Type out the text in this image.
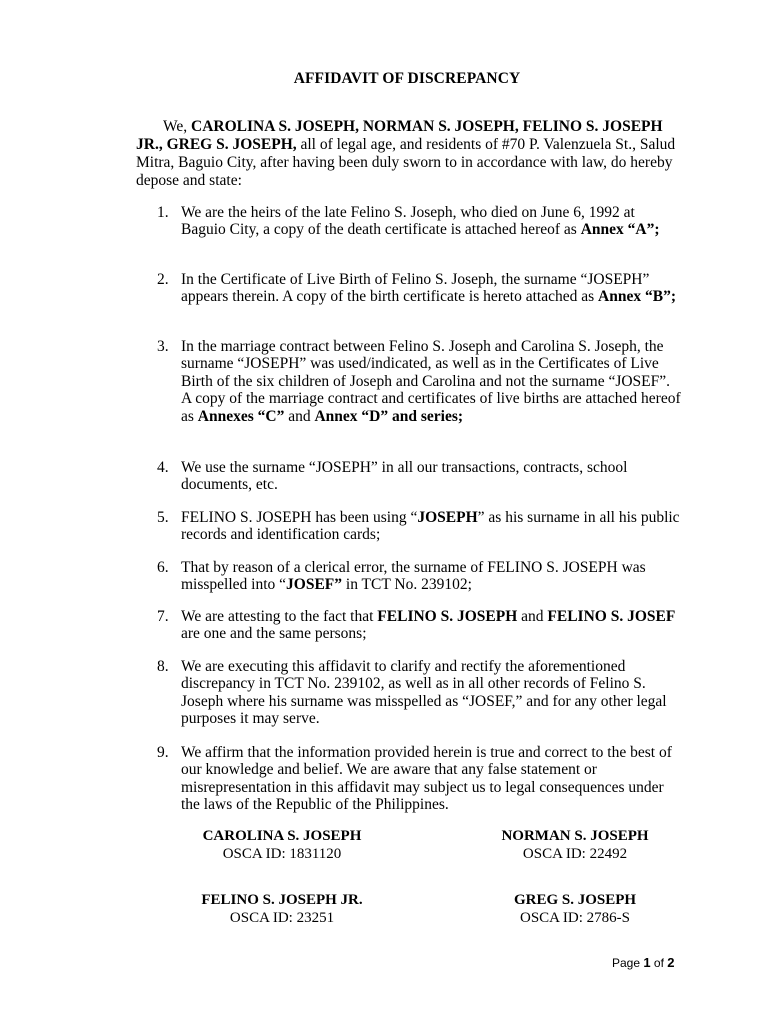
AFFIDAVIT OF DISCREPANCY
We, CAROLINA S. JOSEPH, NORMAN S. JOSEPH, FELINO S. JOSEPH JR., GREG S. JOSEPH, all of legal age, and residents of #70 P. Valenzuela St., Salud Mitra, Baguio City, after having been duly sworn to in accordance with law, do hereby depose and state:
1. We are the heirs of the late Felino S. Joseph, who died on June 6, 1992 at Baguio City, a copy of the death certificate is attached hereof as Annex “A”;
2. In the Certificate of Live Birth of Felino S. Joseph, the surname “JOSEPH” appears therein. A copy of the birth certificate is hereto attached as Annex “B”;
3. In the marriage contract between Felino S. Joseph and Carolina S. Joseph, the surname “JOSEPH” was used/indicated, as well as in the Certificates of Live Birth of the six children of Joseph and Carolina and not the surname “JOSEF”. A copy of the marriage contract and certificates of live births are attached hereof as Annexes “C” and Annex “D” and series;
4. We use the surname “JOSEPH” in all our transactions, contracts, school documents, etc.
5. FELINO S. JOSEPH has been using “JOSEPH” as his surname in all his public records and identification cards;
6. That by reason of a clerical error, the surname of FELINO S. JOSEPH was misspelled into “JOSEF” in TCT No. 239102;
7. We are attesting to the fact that FELINO S. JOSEPH and FELINO S. JOSEF are one and the same persons;
8. We are executing this affidavit to clarify and rectify the aforementioned discrepancy in TCT No. 239102, as well as in all other records of Felino S. Joseph where his surname was misspelled as “JOSEF,” and for any other legal purposes it may serve.
9. We affirm that the information provided herein is true and correct to the best of our knowledge and belief. We are aware that any false statement or misrepresentation in this affidavit may subject us to legal consequences under the laws of the Republic of the Philippines.
CAROLINA S. JOSEPH
OSCA ID: 1831120
NORMAN S. JOSEPH
OSCA ID: 22492
FELINO S. JOSEPH JR.
OSCA ID: 23251
GREG S. JOSEPH
OSCA ID: 2786-S
Page 1 of 2
